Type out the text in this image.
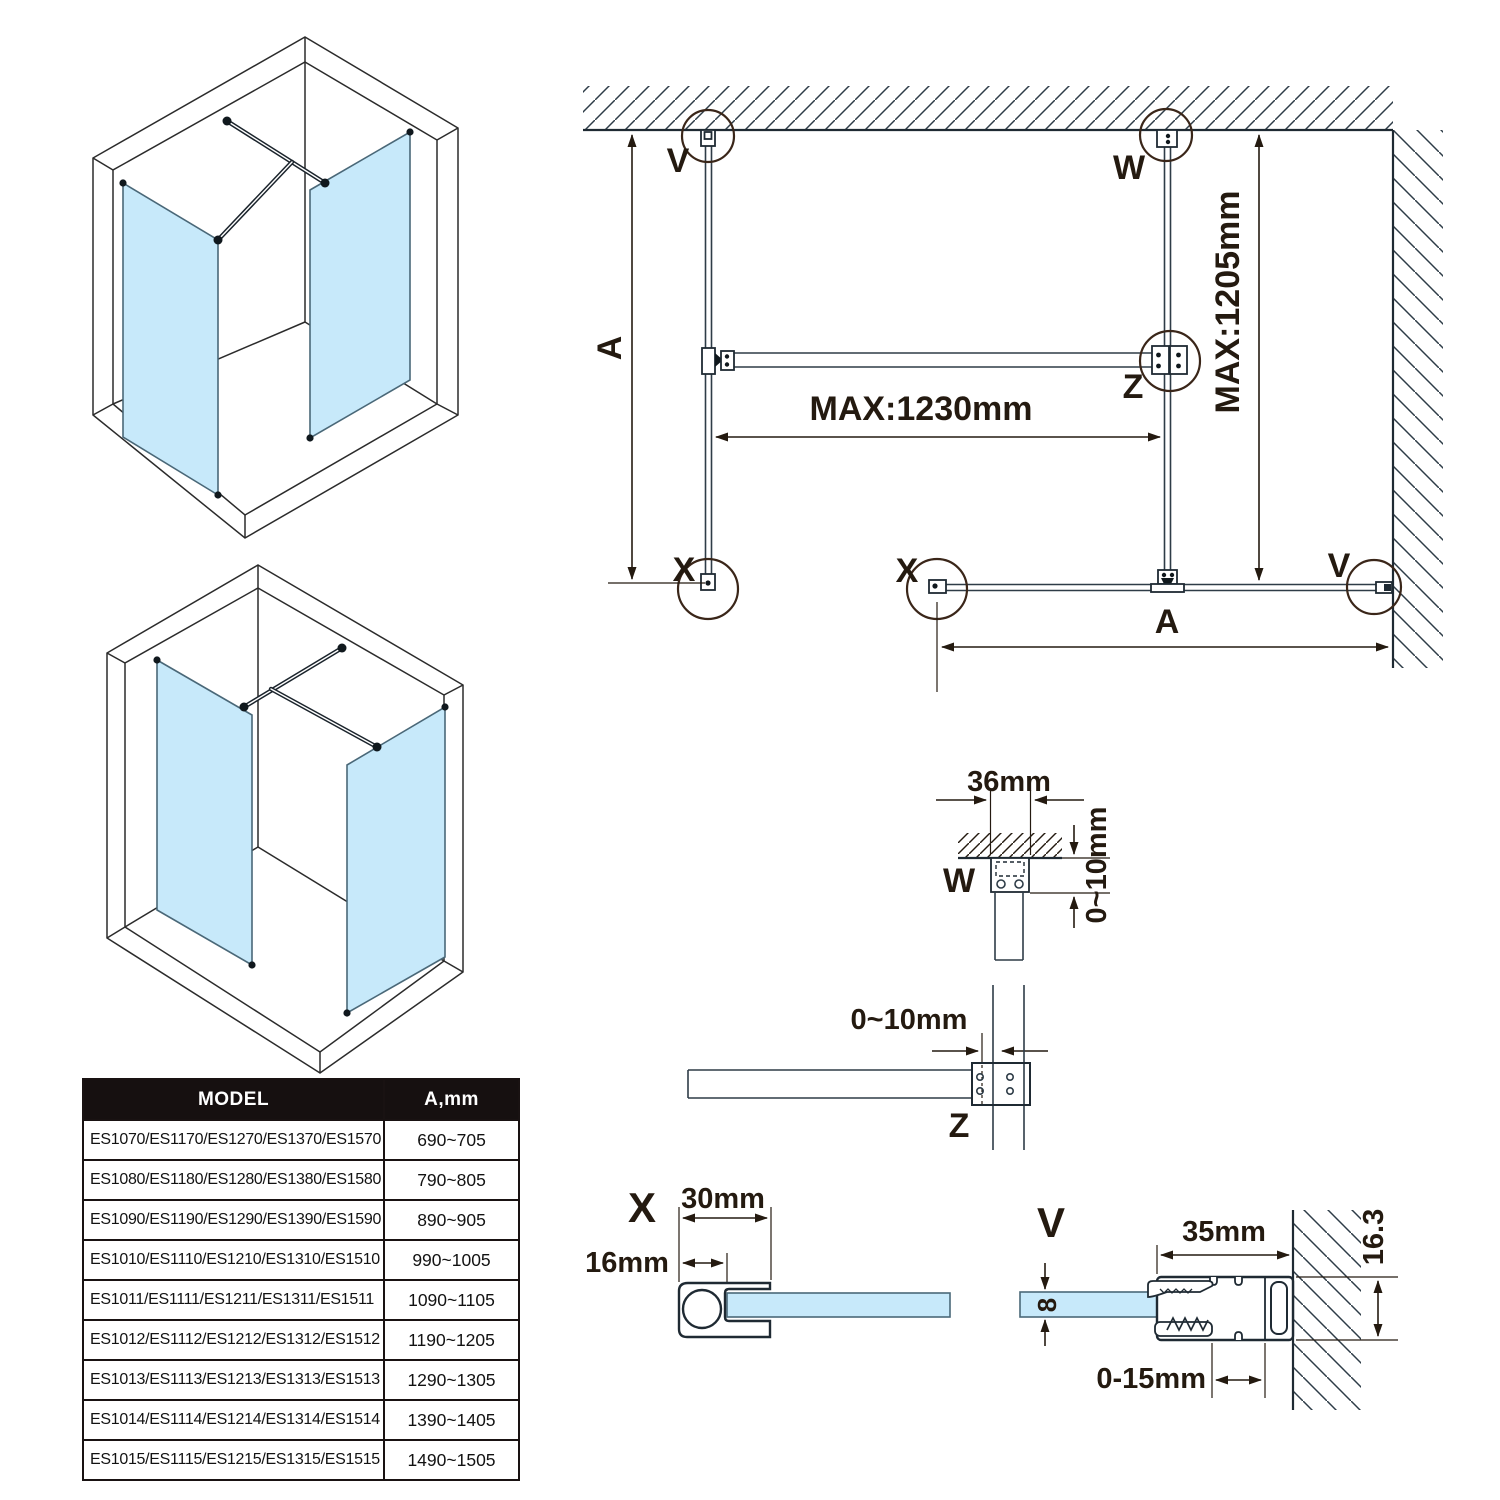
V	W
Z
X	X	V
A
MAX:1230mm	MAX:1205mm
A
36mm
W	0~10mm
0~10mm
Z
X 30mm
16mm
V	35mm
8
16.3
0-15mm
MODEL	A,mm
ES1070/ES1170/ES1270/ES1370/ES1570	690~705
ES1080/ES1180/ES1280/ES1380/ES1580	790~805
ES1090/ES1190/ES1290/ES1390/ES1590	890~905
ES1010/ES1110/ES1210/ES1310/ES1510	990~1005
ES1011/ES1111/ES1211/ES1311/ES1511	1090~1105
ES1012/ES1112/ES1212/ES1312/ES1512	1190~1205
ES1013/ES1113/ES1213/ES1313/ES1513	1290~1305
ES1014/ES1114/ES1214/ES1314/ES1514	1390~1405
ES1015/ES1115/ES1215/ES1315/ES1515	1490~1505
